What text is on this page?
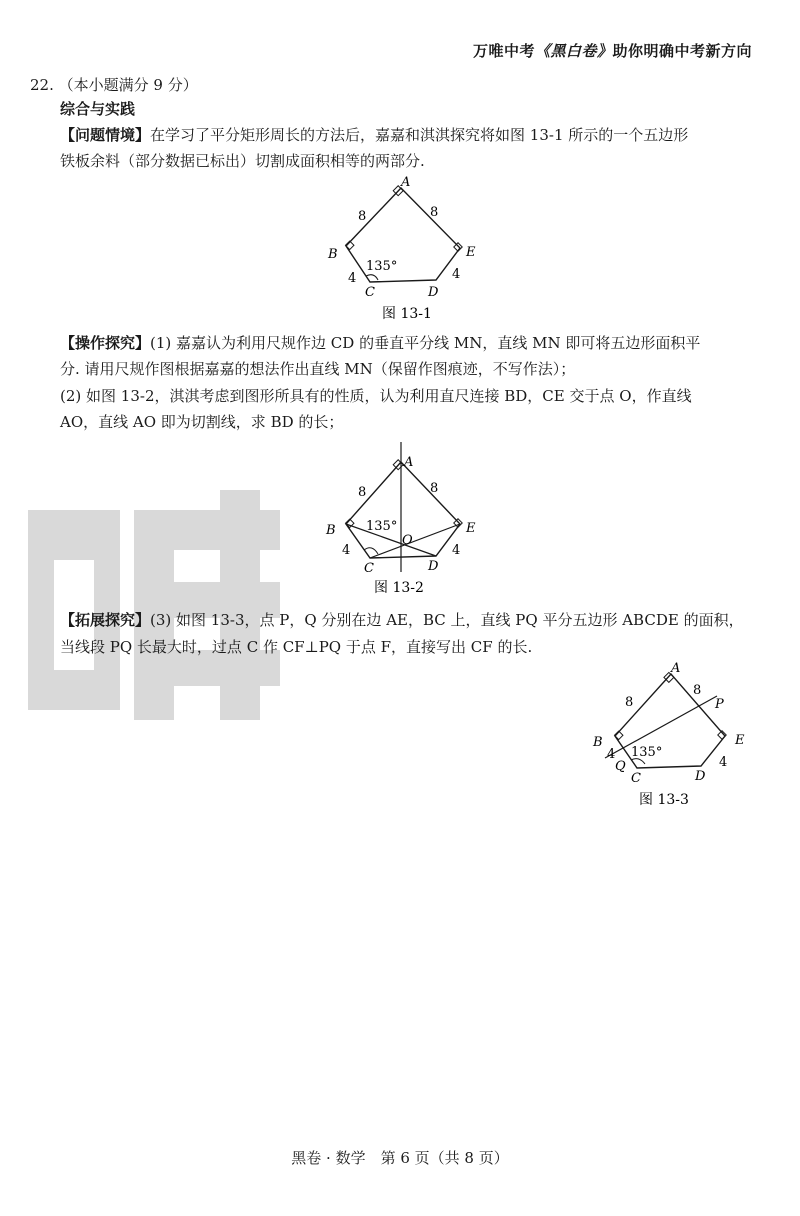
万唯中考《黑白卷》助你明确中考新方向
22. （本小题满分 9 分）
综合与实践
【问题情境】在学习了平分矩形周长的方法后，嘉嘉和淇淇探究将如图 13-1 所示的一个五边形
铁板余料（部分数据已标出）切割成面积相等的两部分.
A
B
C	D
E
8	8
4	4
135°
图 13-1
【操作探究】(1) 嘉嘉认为利用尺规作边 CD 的垂直平分线 MN，直线 MN 即可将五边形面积平
分. 请用尺规作图根据嘉嘉的想法作出直线 MN（保留作图痕迹，不写作法）；
(2) 如图 13-2，淇淇考虑到图形所具有的性质，认为利用直尺连接 BD，CE 交于点 O，作直线
AO，直线 AO 即为切割线，求 BD 的长；
A
B
C	D
E
O
8	8
4	4
135°
图 13-2
【拓展探究】(3) 如图 13-3，点 P，Q 分别在边 AE，BC 上，直线 PQ 平分五边形 ABCDE 的面积，
当线段 PQ 长最大时，过点 C 作 CF⊥PQ 于点 F，直接写出 CF 的长.
A
B
C	D
E
P
Q
8
8
4
4
135°
图 13-3
黑卷 · 数学　第 6 页（共 8 页）
